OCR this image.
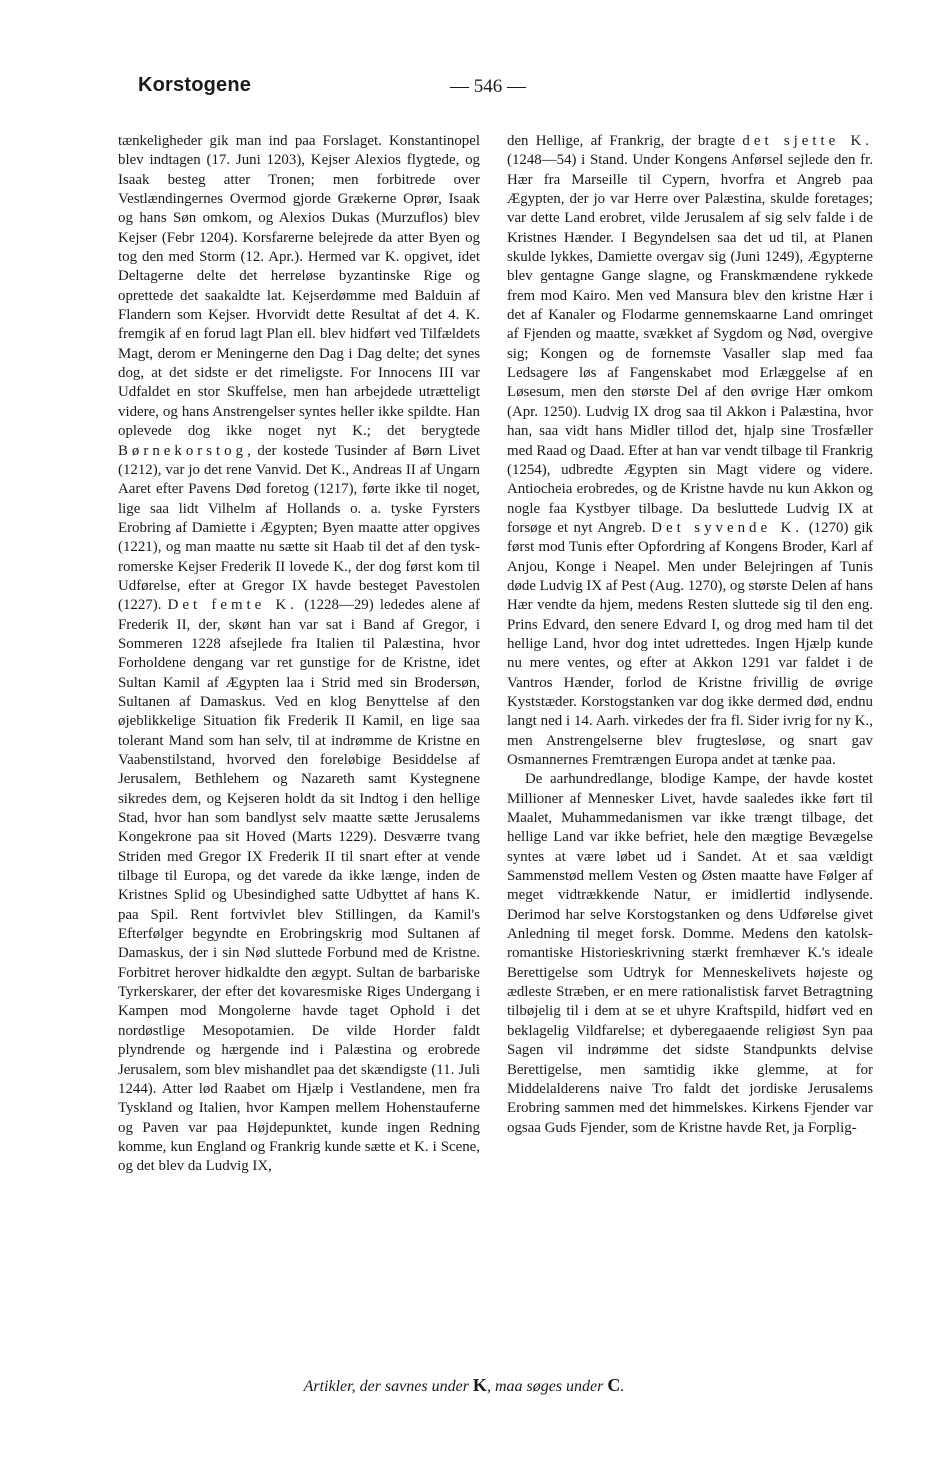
Korstogene	— 546 —

tænkeligheder gik man ind paa Forslaget. Konstantinopel blev indtagen (17. Juni 1203), Kejser Alexios flygtede, og Isaak besteg atter Tronen; men forbitrede over Vestlændingernes Overmod gjorde Grækerne Oprør, Isaak og hans Søn omkom, og Alexios Dukas (Murzuflos) blev Kejser (Febr 1204). Korsfarerne belejrede da atter Byen og tog den med Storm (12. Apr.). Hermed var K. opgivet, idet Deltagerne delte det herreløse byzantinske Rige og oprettede det saakaldte lat. Kejserdømme med Balduin af Flandern som Kejser. Hvorvidt dette Resultat af det 4. K. fremgik af en forud lagt Plan ell. blev hidført ved Tilfældets Magt, derom er Meningerne den Dag i Dag delte; det synes dog, at det sidste er det rimeligste. For Innocens III var Udfaldet en stor Skuffelse, men han arbejdede utrætteligt videre, og hans Anstrengelser syntes heller ikke spildte. Han oplevede dog ikke noget nyt K.; det berygtede Børnekorstog, der kostede Tusinder af Børn Livet (1212), var jo det rene Vanvid. Det K., Andreas II af Ungarn Aaret efter Pavens Død foretog (1217), førte ikke til noget, lige saa lidt Vilhelm af Hollands o. a. tyske Fyrsters Erobring af Damiette i Ægypten; Byen maatte atter opgives (1221), og man maatte nu sætte sit Haab til det af den tysk-romerske Kejser Frederik II lovede K., der dog først kom til Udførelse, efter at Gregor IX havde besteget Pavestolen (1227). Det femte K. (1228—29) lededes alene af Frederik II, der, skønt han var sat i Band af Gregor, i Sommeren 1228 afsejlede fra Italien til Palæstina, hvor Forholdene dengang var ret gunstige for de Kristne, idet Sultan Kamil af Ægypten laa i Strid med sin Brodersøn, Sultanen af Damaskus. Ved en klog Benyttelse af den øjeblikkelige Situation fik Frederik II Kamil, en lige saa tolerant Mand som han selv, til at indrømme de Kristne en Vaabenstilstand, hvorved den foreløbige Besiddelse af Jerusalem, Bethlehem og Nazareth samt Kystegnene sikredes dem, og Kejseren holdt da sit Indtog i den hellige Stad, hvor han som bandlyst selv maatte sætte Jerusalems Kongekrone paa sit Hoved (Marts 1229). Desværre tvang Striden med Gregor IX Frederik II til snart efter at vende tilbage til Europa, og det varede da ikke længe, inden de Kristnes Splid og Ubesindighed satte Udbyttet af hans K. paa Spil. Rent fortvivlet blev Stillingen, da Kamil's Efterfølger begyndte en Erobringskrig mod Sultanen af Damaskus, der i sin Nød sluttede Forbund med de Kristne. Forbitret herover hidkaldte den ægypt. Sultan de barbariske Tyrkerskarer, der efter det kovaresmiske Riges Undergang i Kampen mod Mongolerne havde taget Ophold i det nordøstlige Mesopotamien. De vilde Horder faldt plyndrende og hærgende ind i Palæstina og erobrede Jerusalem, som blev mishandlet paa det skændigste (11. Juli 1244). Atter lød Raabet om Hjælp i Vestlandene, men fra Tyskland og Italien, hvor Kampen mellem Hohenstauferne og Paven var paa Højdepunktet, kunde ingen Redning komme, kun England og Frankrig kunde sætte et K. i Scene, og det blev da Ludvig IX,

den Hellige, af Frankrig, der bragte det sjette K. (1248—54) i Stand. Under Kongens Anførsel sejlede den fr. Hær fra Marseille til Cypern, hvorfra et Angreb paa Ægypten, der jo var Herre over Palæstina, skulde foretages; var dette Land erobret, vilde Jerusalem af sig selv falde i de Kristnes Hænder. I Begyndelsen saa det ud til, at Planen skulde lykkes, Damiette overgav sig (Juni 1249), Ægypterne blev gentagne Gange slagne, og Franskmændene rykkede frem mod Kairo. Men ved Mansura blev den kristne Hær i det af Kanaler og Flodarme gennemskaarne Land omringet af Fjenden og maatte, svækket af Sygdom og Nød, overgive sig; Kongen og de fornemste Vasaller slap med faa Ledsagere løs af Fangenskabet mod Erlæggelse af en Løsesum, men den største Del af den øvrige Hær omkom (Apr. 1250). Ludvig IX drog saa til Akkon i Palæstina, hvor han, saa vidt hans Midler tillod det, hjalp sine Trosfæller med Raad og Daad. Efter at han var vendt tilbage til Frankrig (1254), udbredte Ægypten sin Magt videre og videre. Antiocheia erobredes, og de Kristne havde nu kun Akkon og nogle faa Kystbyer tilbage. Da besluttede Ludvig IX at forsøge et nyt Angreb. Det syvende K. (1270) gik først mod Tunis efter Opfordring af Kongens Broder, Karl af Anjou, Konge i Neapel. Men under Belejringen af Tunis døde Ludvig IX af Pest (Aug. 1270), og største Delen af hans Hær vendte da hjem, medens Resten sluttede sig til den eng. Prins Edvard, den senere Edvard I, og drog med ham til det hellige Land, hvor dog intet udrettedes. Ingen Hjælp kunde nu mere ventes, og efter at Akkon 1291 var faldet i de Vantros Hænder, forlod de Kristne frivillig de øvrige Kyststæder. Korstogstanken var dog ikke dermed død, endnu langt ned i 14. Aarh. virkedes der fra fl. Sider ivrig for ny K., men Anstrengelserne blev frugtesløse, og snart gav Osmannernes Fremtrængen Europa andet at tænke paa.

De aarhundredlange, blodige Kampe, der havde kostet Millioner af Mennesker Livet, havde saaledes ikke ført til Maalet, Muhammedanismen var ikke trængt tilbage, det hellige Land var ikke befriet, hele den mægtige Bevægelse syntes at være løbet ud i Sandet. At et saa vældigt Sammenstød mellem Vesten og Østen maatte have Følger af meget vidtrækkende Natur, er imidlertid indlysende. Derimod har selve Korstogstanken og dens Udførelse givet Anledning til meget forsk. Domme. Medens den katolsk-romantiske Historieskrivning stærkt fremhæver K.'s ideale Berettigelse som Udtryk for Menneskelivets højeste og ædleste Stræben, er en mere rationalistisk farvet Betragtning tilbøjelig til i dem at se et uhyre Kraftspild, hidført ved en beklagelig Vildfarelse; et dyberegaaende religiøst Syn paa Sagen vil indrømme det sidste Standpunkts delvise Berettigelse, men samtidig ikke glemme, at for Middelalderens naive Tro faldt det jordiske Jerusalems Erobring sammen med det himmelskes. Kirkens Fjender var ogsaa Guds Fjender, som de Kristne havde Ret, ja Forplig-

Artikler, der savnes under K, maa søges under C.
